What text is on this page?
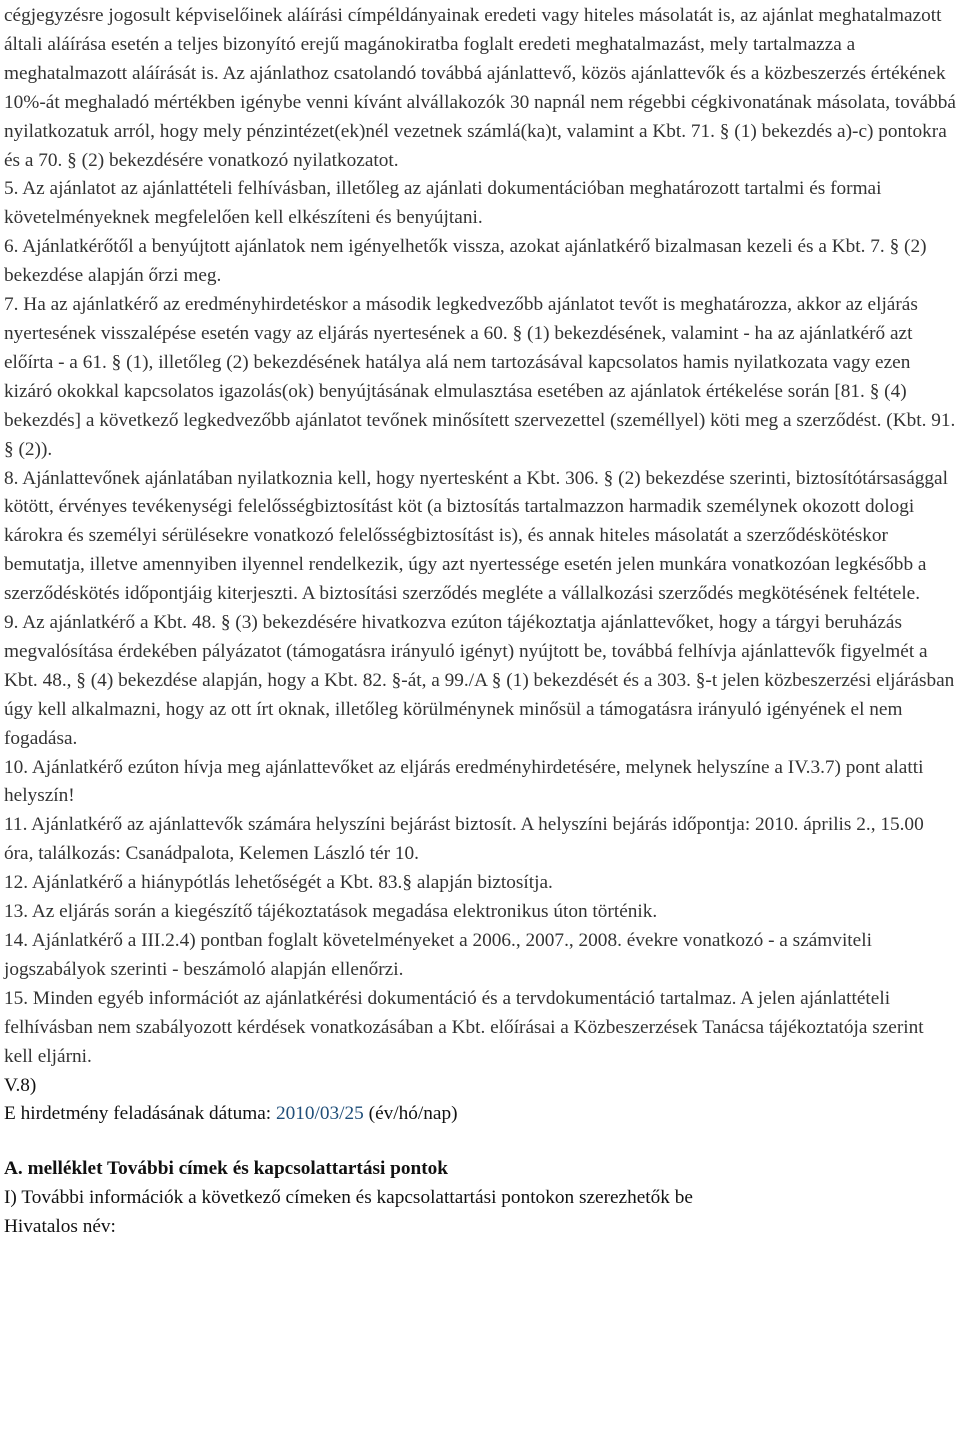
cégjegyzésre jogosult képviselőinek aláírási címpéldányainak eredeti vagy hiteles másolatát is, az ajánlat meghatalmazott általi aláírása esetén a teljes bizonyító erejű magánokiratba foglalt eredeti meghatalmazást, mely tartalmazza a meghatalmazott aláírását is. Az ajánlathoz csatolandó továbbá ajánlattevő, közös ajánlattevők és a közbeszerzés értékének 10%-át meghaladó mértékben igénybe venni kívánt alvállakozók 30 napnál nem régebbi cégkivonatának másolata, továbbá nyilatkozatuk arról, hogy mely pénzintézet(ek)nél vezetnek számlá(ka)t, valamint a Kbt. 71. § (1) bekezdés a)-c) pontokra és a 70. § (2) bekezdésére vonatkozó nyilatkozatot.

5. Az ajánlatot az ajánlattételi felhívásban, illetőleg az ajánlati dokumentációban meghatározott tartalmi és formai követelményeknek megfelelően kell elkészíteni és benyújtani.

6. Ajánlatkérőtől a benyújtott ajánlatok nem igényelhetők vissza, azokat ajánlatkérő bizalmasan kezeli és a Kbt. 7. § (2) bekezdése alapján őrzi meg.

7. Ha az ajánlatkérő az eredményhirdetéskor a második legkedvezőbb ajánlatot tevőt is meghatározza, akkor az eljárás nyertesének visszalépése esetén vagy az eljárás nyertesének a 60. § (1) bekezdésének, valamint - ha az ajánlatkérő azt előírta - a 61. § (1), illetőleg (2) bekezdésének hatálya alá nem tartozásával kapcsolatos hamis nyilatkozata vagy ezen kizáró okokkal kapcsolatos igazolás(ok) benyújtásának elmulasztása esetében az ajánlatok értékelése során [81. § (4) bekezdés] a következő legkedvezőbb ajánlatot tevőnek minősített szervezettel (személlyel) köti meg a szerződést. (Kbt. 91. § (2)).

8. Ajánlattevőnek ajánlatában nyilatkoznia kell, hogy nyertesként a Kbt. 306. § (2) bekezdése szerinti, biztosítótársasággal kötött, érvényes tevékenységi felelősségbiztosítást köt (a biztosítás tartalmazzon harmadik személynek okozott dologi károkra és személyi sérülésekre vonatkozó felelősségbiztosítást is), és annak hiteles másolatát a szerződéskötéskor bemutatja, illetve amennyiben ilyennel rendelkezik, úgy azt nyertessége esetén jelen munkára vonatkozóan legkésőbb a szerződéskötés időpontjáig kiterjeszti. A biztosítási szerződés megléte a vállalkozási szerződés megkötésének feltétele.

9. Az ajánlatkérő a Kbt. 48. § (3) bekezdésére hivatkozva ezúton tájékoztatja ajánlattevőket, hogy a tárgyi beruházás megvalósítása érdekében pályázatot (támogatásra irányuló igényt) nyújtott be, továbbá felhívja ajánlattevők figyelmét a Kbt. 48., § (4) bekezdése alapján, hogy a Kbt. 82. §-át, a 99./A § (1) bekezdését és a 303. §-t jelen közbeszerzési eljárásban úgy kell alkalmazni, hogy az ott írt oknak, illetőleg körülménynek minősül a támogatásra irányuló igényének el nem fogadása.

10. Ajánlatkérő ezúton hívja meg ajánlattevőket az eljárás eredményhirdetésére, melynek helyszíne a IV.3.7) pont alatti helyszín!

11. Ajánlatkérő az ajánlattevők számára helyszíni bejárást biztosít. A helyszíni bejárás időpontja: 2010. április 2., 15.00 óra, találkozás: Csanádpalota, Kelemen László tér 10.

12. Ajánlatkérő a hiánypótlás lehetőségét a Kbt. 83.§ alapján biztosítja.

13. Az eljárás során a kiegészítő tájékoztatások megadása elektronikus úton történik.

14. Ajánlatkérő a III.2.4) pontban foglalt követelményeket a 2006., 2007., 2008. évekre vonatkozó - a számviteli jogszabályok szerinti - beszámoló alapján ellenőrzi.

15. Minden egyéb információt az ajánlatkérési dokumentáció és a tervdokumentáció tartalmaz. A jelen ajánlattételi felhívásban nem szabályozott kérdések vonatkozásában a Kbt. előírásai a Közbeszerzések Tanácsa tájékoztatója szerint kell eljárni.

V.8)

E hirdetmény feladásának dátuma: 2010/03/25 (év/hó/nap)

A. melléklet További címek és kapcsolattartási pontok

I) További információk a következő címeken és kapcsolattartási pontokon szerezhetők be

Hivatalos név:
